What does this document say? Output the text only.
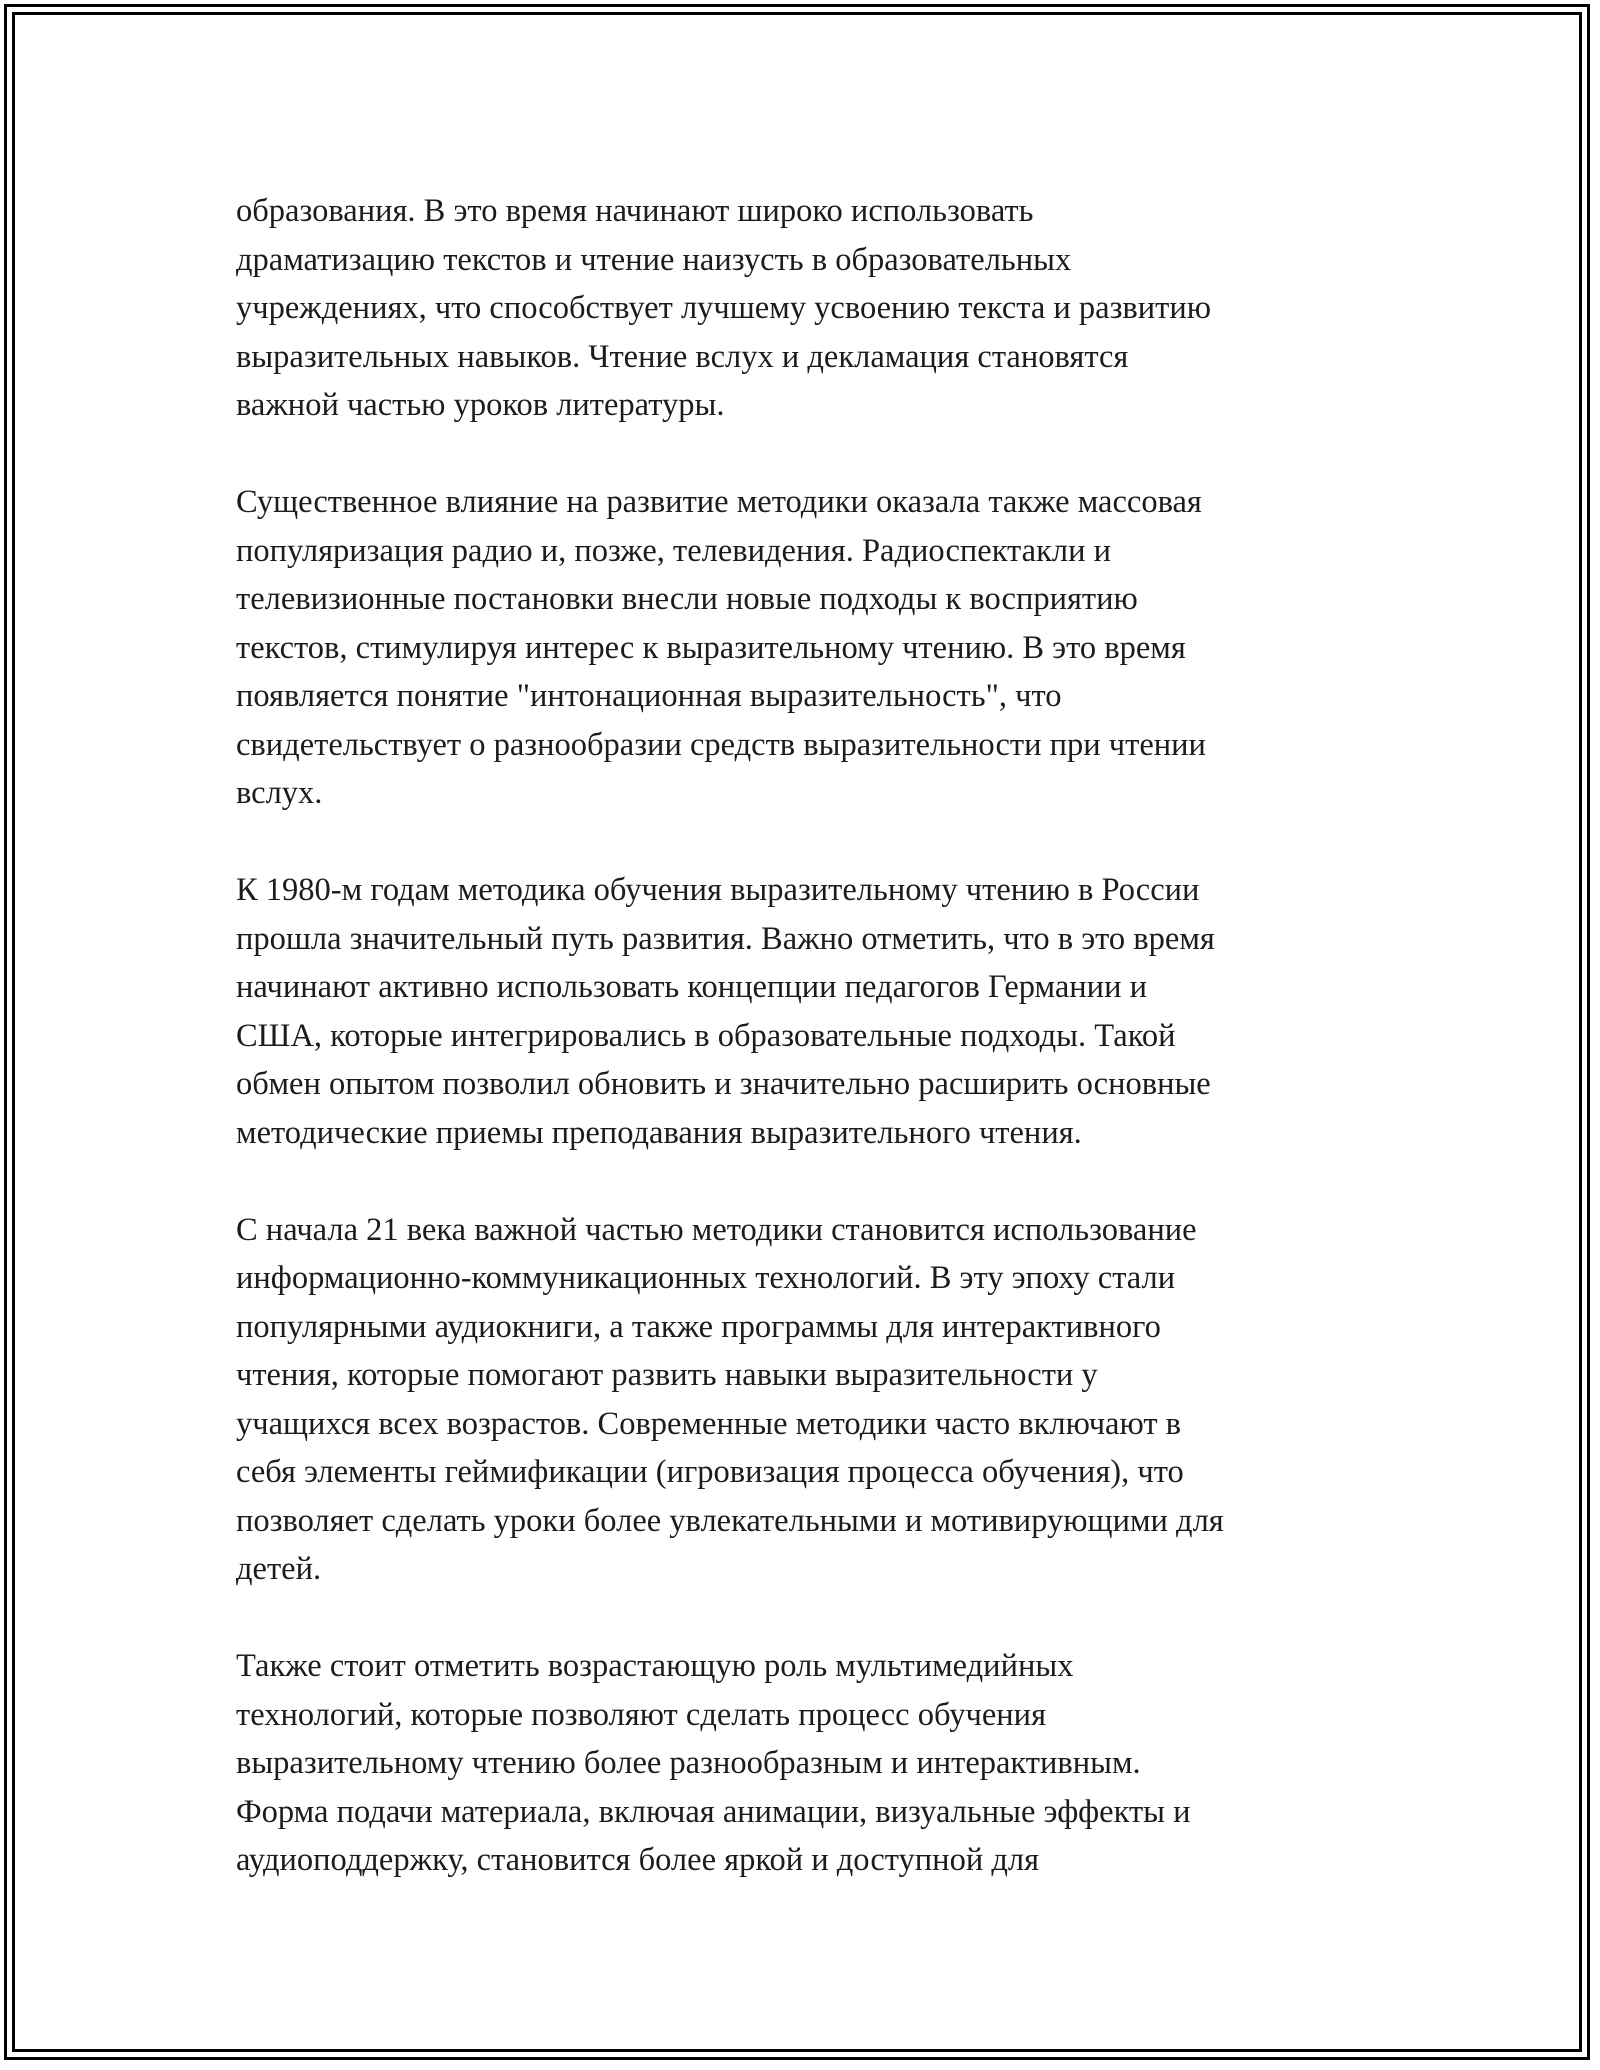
образования. В это время начинают широко использовать
драматизацию текстов и чтение наизусть в образовательных
учреждениях, что способствует лучшему усвоению текста и развитию
выразительных навыков. Чтение вслух и декламация становятся
важной частью уроков литературы.

Существенное влияние на развитие методики оказала также массовая
популяризация радио и, позже, телевидения. Радиоспектакли и
телевизионные постановки внесли новые подходы к восприятию
текстов, стимулируя интерес к выразительному чтению. В это время
появляется понятие "интонационная выразительность", что
свидетельствует о разнообразии средств выразительности при чтении
вслух.

К 1980-м годам методика обучения выразительному чтению в России
прошла значительный путь развития. Важно отметить, что в это время
начинают активно использовать концепции педагогов Германии и
США, которые интегрировались в образовательные подходы. Такой
обмен опытом позволил обновить и значительно расширить основные
методические приемы преподавания выразительного чтения.

С начала 21 века важной частью методики становится использование
информационно-коммуникационных технологий. В эту эпоху стали
популярными аудиокниги, а также программы для интерактивного
чтения, которые помогают развить навыки выразительности у
учащихся всех возрастов. Современные методики часто включают в
себя элементы геймификации (игровизация процесса обучения), что
позволяет сделать уроки более увлекательными и мотивирующими для
детей.

Также стоит отметить возрастающую роль мультимедийных
технологий, которые позволяют сделать процесс обучения
выразительному чтению более разнообразным и интерактивным.
Форма подачи материала, включая анимации, визуальные эффекты и
аудиоподдержку, становится более яркой и доступной для
